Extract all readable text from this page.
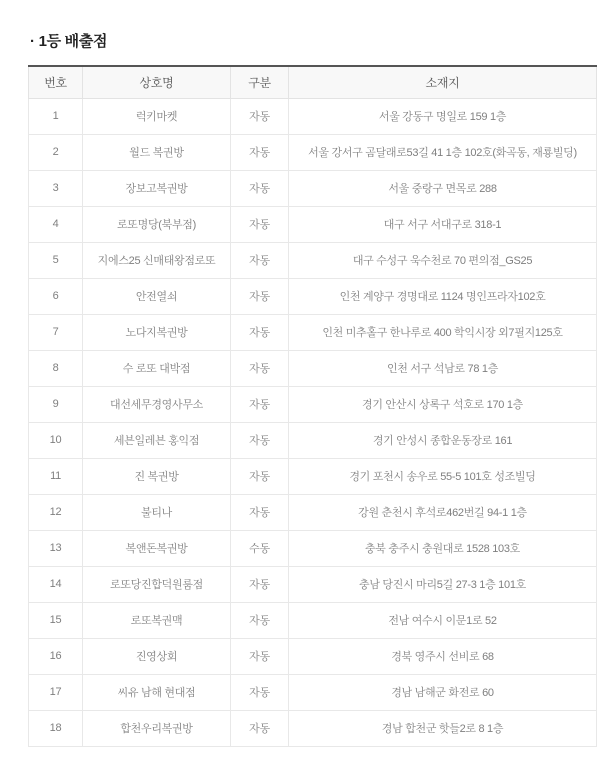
· 1등 배출점
번호	상호명	구분	소재지
1	럭키마켓	자동	서울 강동구 명일로 159 1층
2	월드 복권방	자동	서울 강서구 곰달래로53길 41 1층 102호(화곡동, 재룡빌딩)
3	장보고복권방	자동	서울 중랑구 면목로 288
4	로또명당(북부점)	자동	대구 서구 서대구로 318-1
5	지에스25 신매태왕점로또	자동	대구 수성구 욱수천로 70 편의점_GS25
6	안전열쇠	자동	인천 계양구 경명대로 1124 명인프라자102호
7	노다지복권방	자동	인천 미추홀구 한나루로 400 학익시장 외7필지125호
8	수 로또 대박점	자동	인천 서구 석남로 78 1층
9	대선세무경영사무소	자동	경기 안산시 상록구 석호로 170 1층
10	세븐일레븐 홍익점	자동	경기 안성시 종합운동장로 161
11	진 복권방	자동	경기 포천시 송우로 55-5 101호 성조빌딩
12	불티나	자동	강원 춘천시 후석로462번길 94-1 1층
13	복앤돈복권방	수동	충북 충주시 충원대로 1528 103호
14	로또당진합덕원룸점	자동	충남 당진시 마리5길 27-3 1층 101호
15	로또복권맥	자동	전남 여수시 이문1로 52
16	진영상회	자동	경북 영주시 선비로 68
17	씨유 남해 현대점	자동	경남 남해군 화전로 60
18	합천우리복권방	자동	경남 합천군 핫들2로 8 1층
